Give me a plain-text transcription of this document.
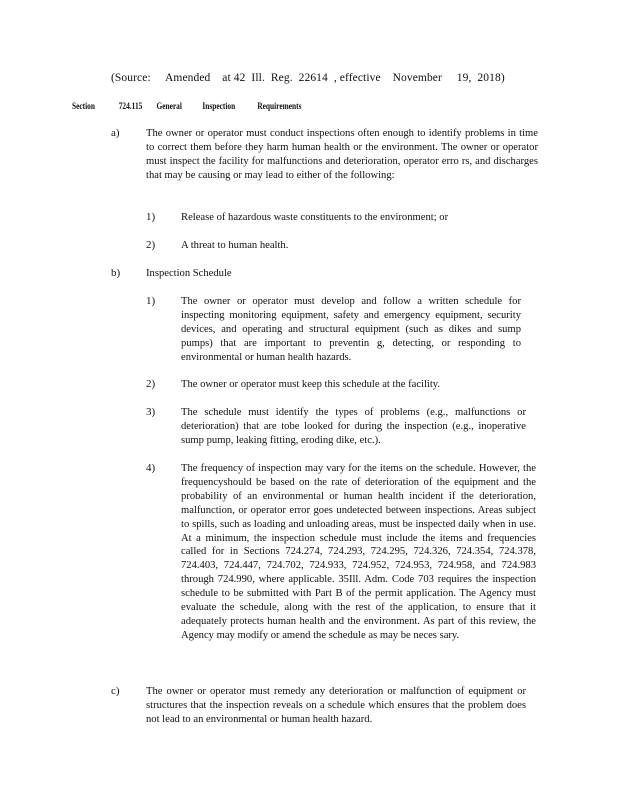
(Source:     Amended    at 42  Ill.  Reg.  22614  , effective    November     19,  2018)
Section	724.115 General Inspection Requirements
a) The owner or operator must conduct inspections often enough to identify problems in time to correct them before they harm human health or the environment. The owner or operator must inspect the facility for malfunctions and deterioration, operator erro rs, and discharges that may be causing or may lead to either of the following:
1) Release of hazardous waste constituents to the environment; or
2) A threat to human health.
b) Inspection Schedule
1) The owner or operator must develop and follow a written schedule for inspecting monitoring equipment, safety and emergency equipment, security devices, and operating and structural equipment (such as dikes and sump pumps) that are important to preventin g, detecting, or responding to environmental or human health hazards.
2) The owner or operator must keep this schedule at the facility.
3) The schedule must identify the types of problems (e.g., malfunctions or deterioration) that are tobe looked for during the inspection (e.g., inoperative sump pump, leaking fitting, eroding dike, etc.).
4) The frequency of inspection may vary for the items on the schedule. However, the frequencyshould be based on the rate of deterioration of the equipment and the probability of an environmental or human health incident if the deterioration, malfunction, or operator error goes undetected between inspections. Areas subject to spills, such as loading and unloading areas, must be inspected daily when in use. At a minimum, the inspection schedule must include the items and frequencies called for in Sections 724.274, 724.293, 724.295, 724.326, 724.354, 724.378, 724.403, 724.447, 724.702, 724.933, 724.952, 724.953, 724.958, and 724.983 through 724.990, where applicable. 35Ill. Adm. Code 703 requires the inspection schedule to be submitted with Part B of the permit application. The Agency must evaluate the schedule, along with the rest of the application, to ensure that it adequately protects human health and the environment. As part of this review, the Agency may modify or amend the schedule as may be neces sary.
c) The owner or operator must remedy any deterioration or malfunction of equipment or structures that the inspection reveals on a schedule which ensures that the problem does not lead to an environmental or human health hazard.
